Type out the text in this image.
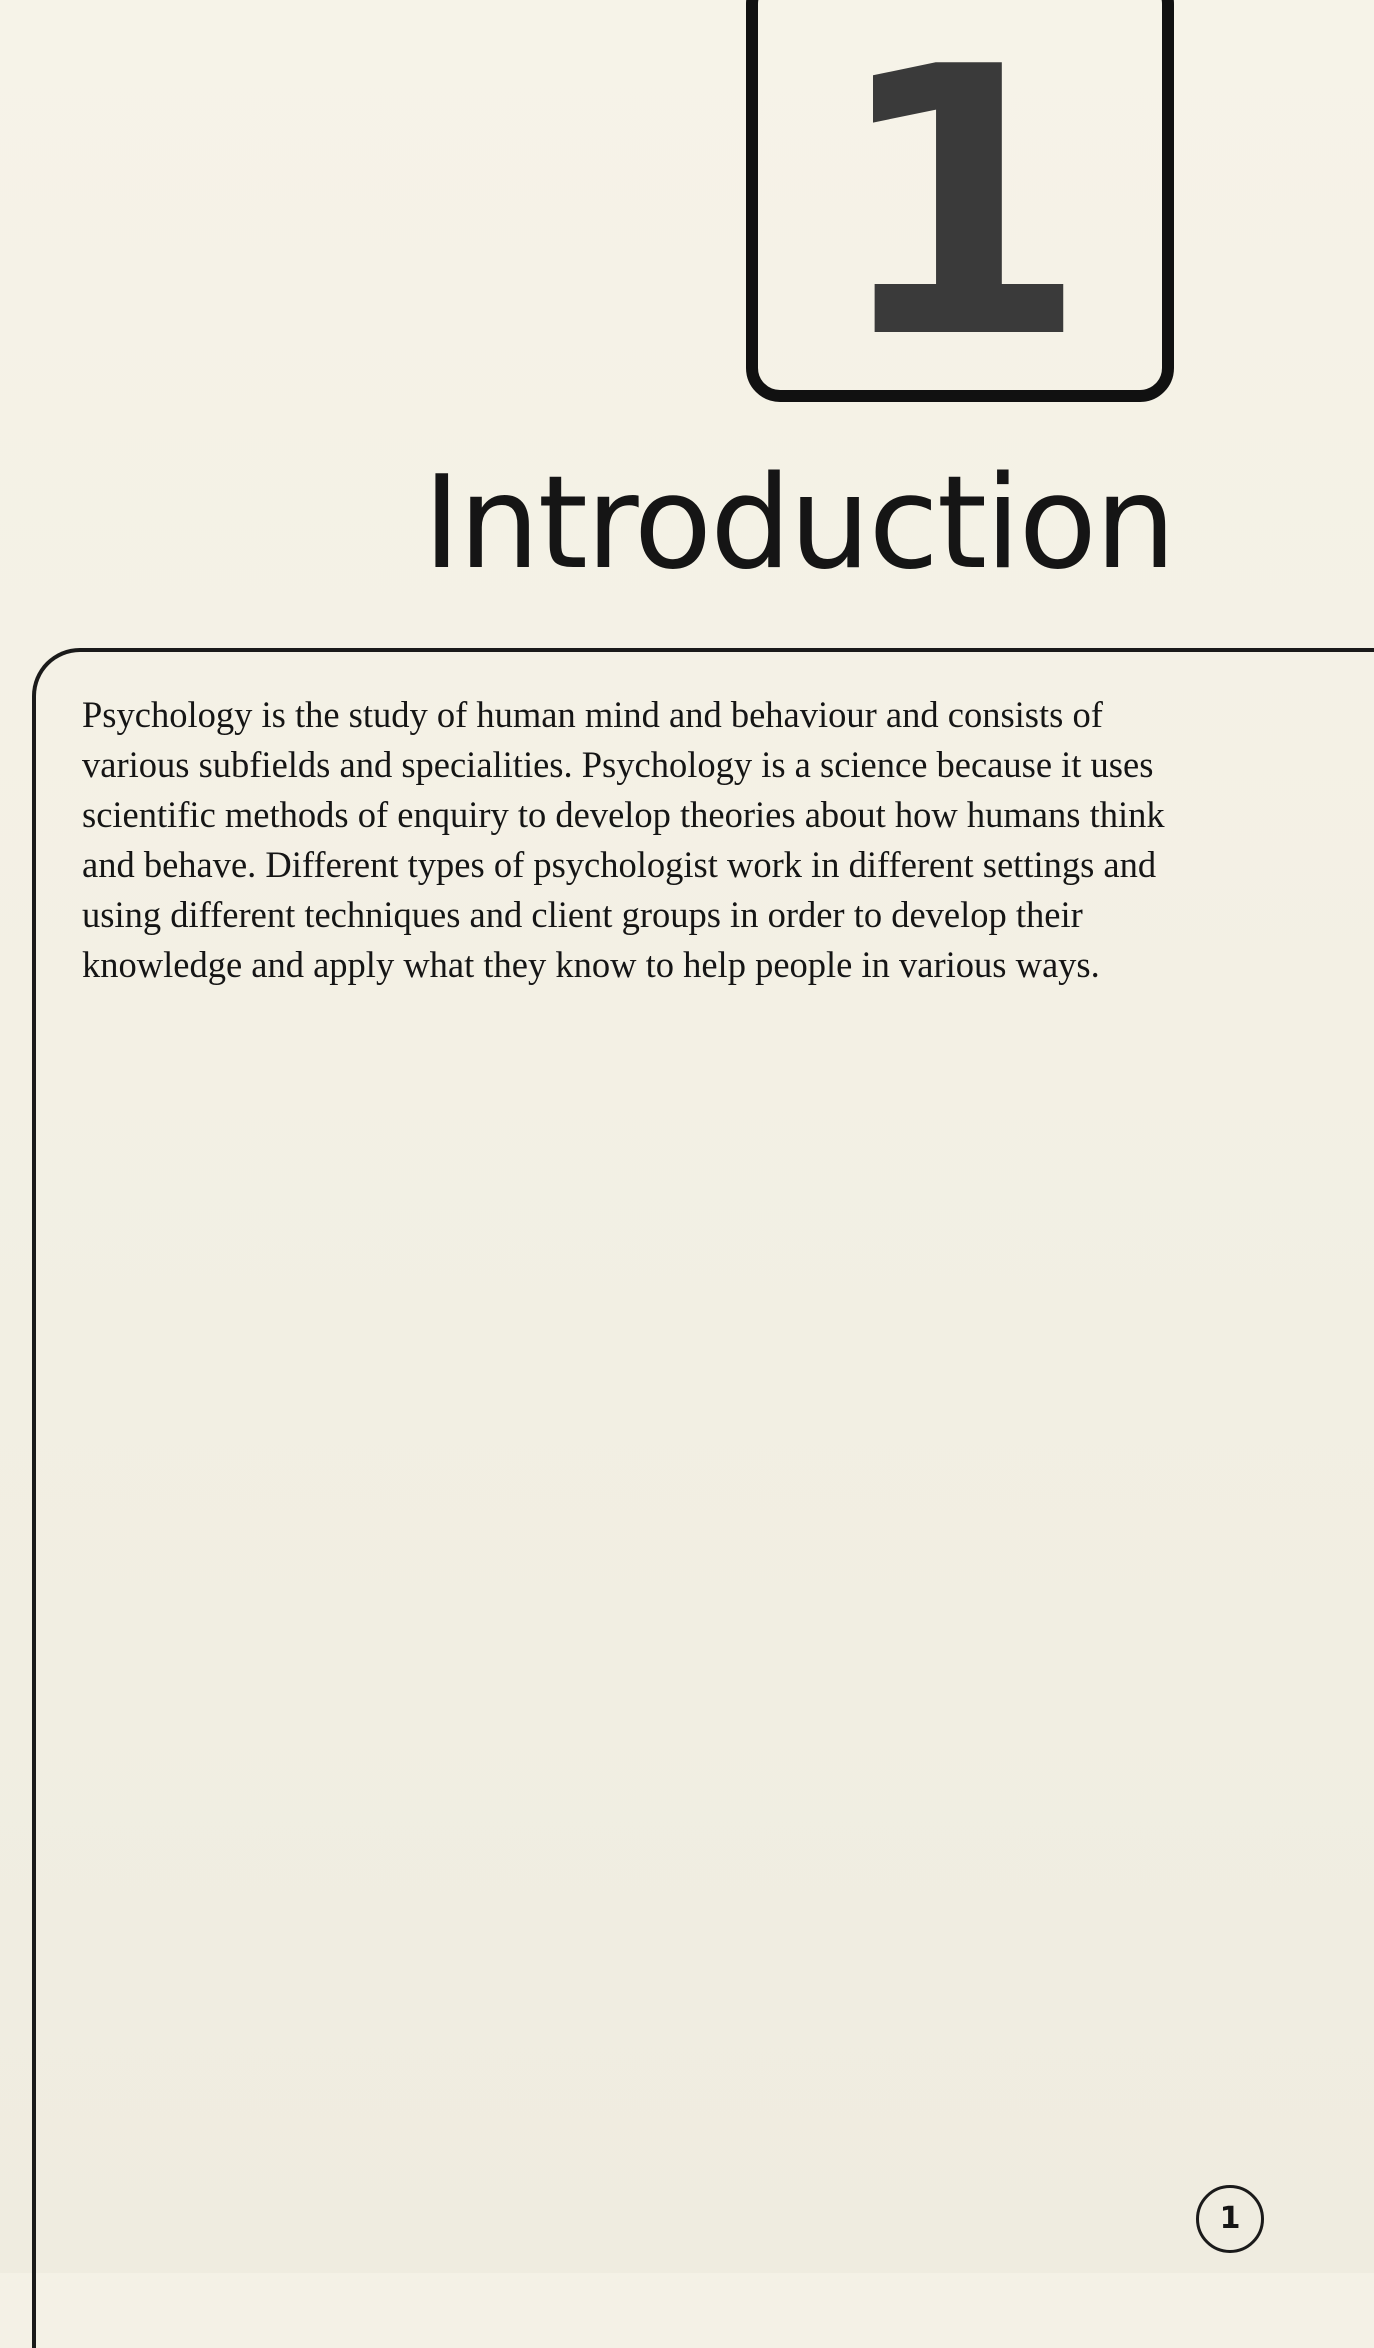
1
Introduction

Psychology is the study of human mind and behaviour and consists of various subfields and specialities. Psychology is a science because it uses scientific methods of enquiry to develop theories about how humans think and behave. Different types of psychologist work in different settings and using different techniques and client groups in order to develop their knowledge and apply what they know to help people in various ways.

1
